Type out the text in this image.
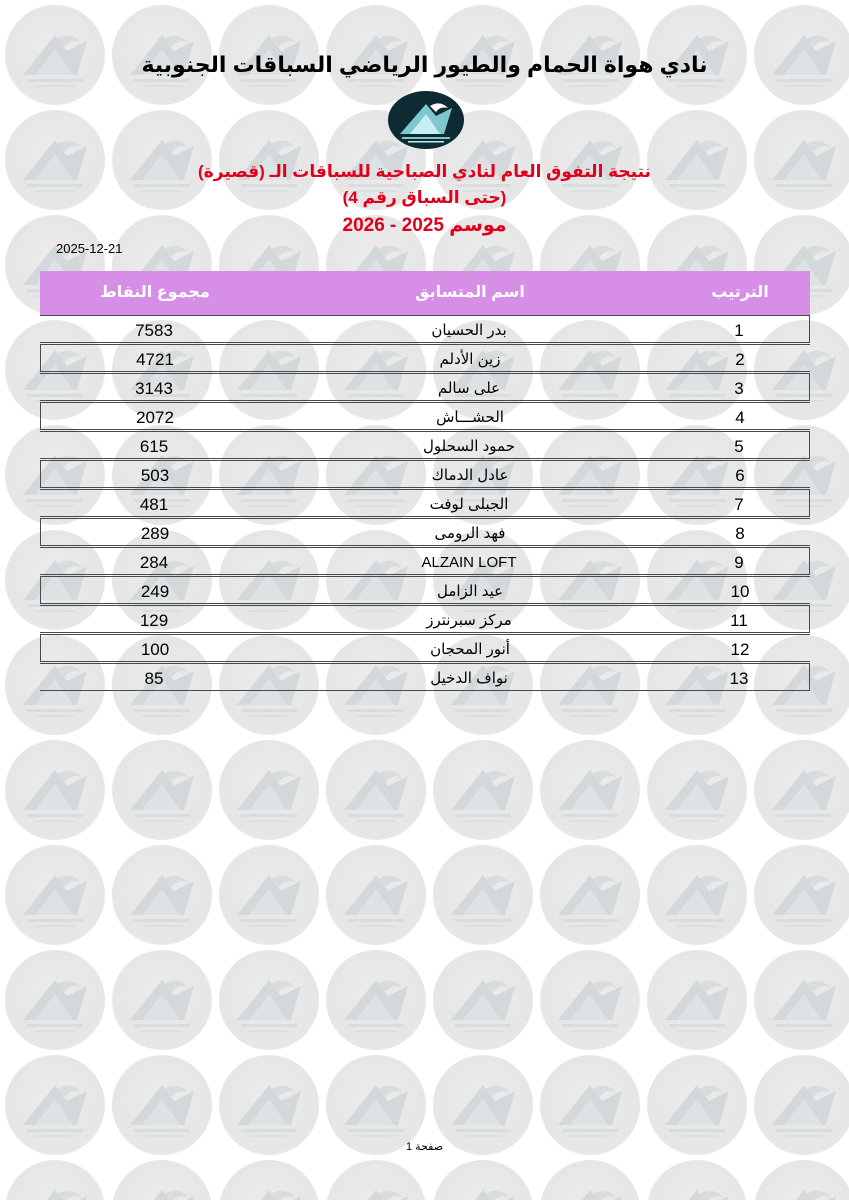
نادي هواة الحمام والطيور الرياضي السباقات الجنوبية
نتيجة التفوق العام لنادي الصباحية للسباقات الـ (قصيرة)
(حتى السباق رقم 4)
موسم 2025 - 2026
2025-12-21
الترتيب
اسم المتسابق
مجموع النقاط
1
بدر الحسيان
7583
2
زين الأدلم
4721
3
على سالم
3143
4
الحشـــاش
2072
5
حمود السحلول
615
6
عادل الدماك
503
7
الجبلى لوفت
481
8
فهد الرومى
289
9
ALZAIN LOFT
284
10
عيد الزامل
249
11
مركز سبرنترز
129
12
أنور المحجان
100
13
نواف الدخيل
85
صفحة 1
